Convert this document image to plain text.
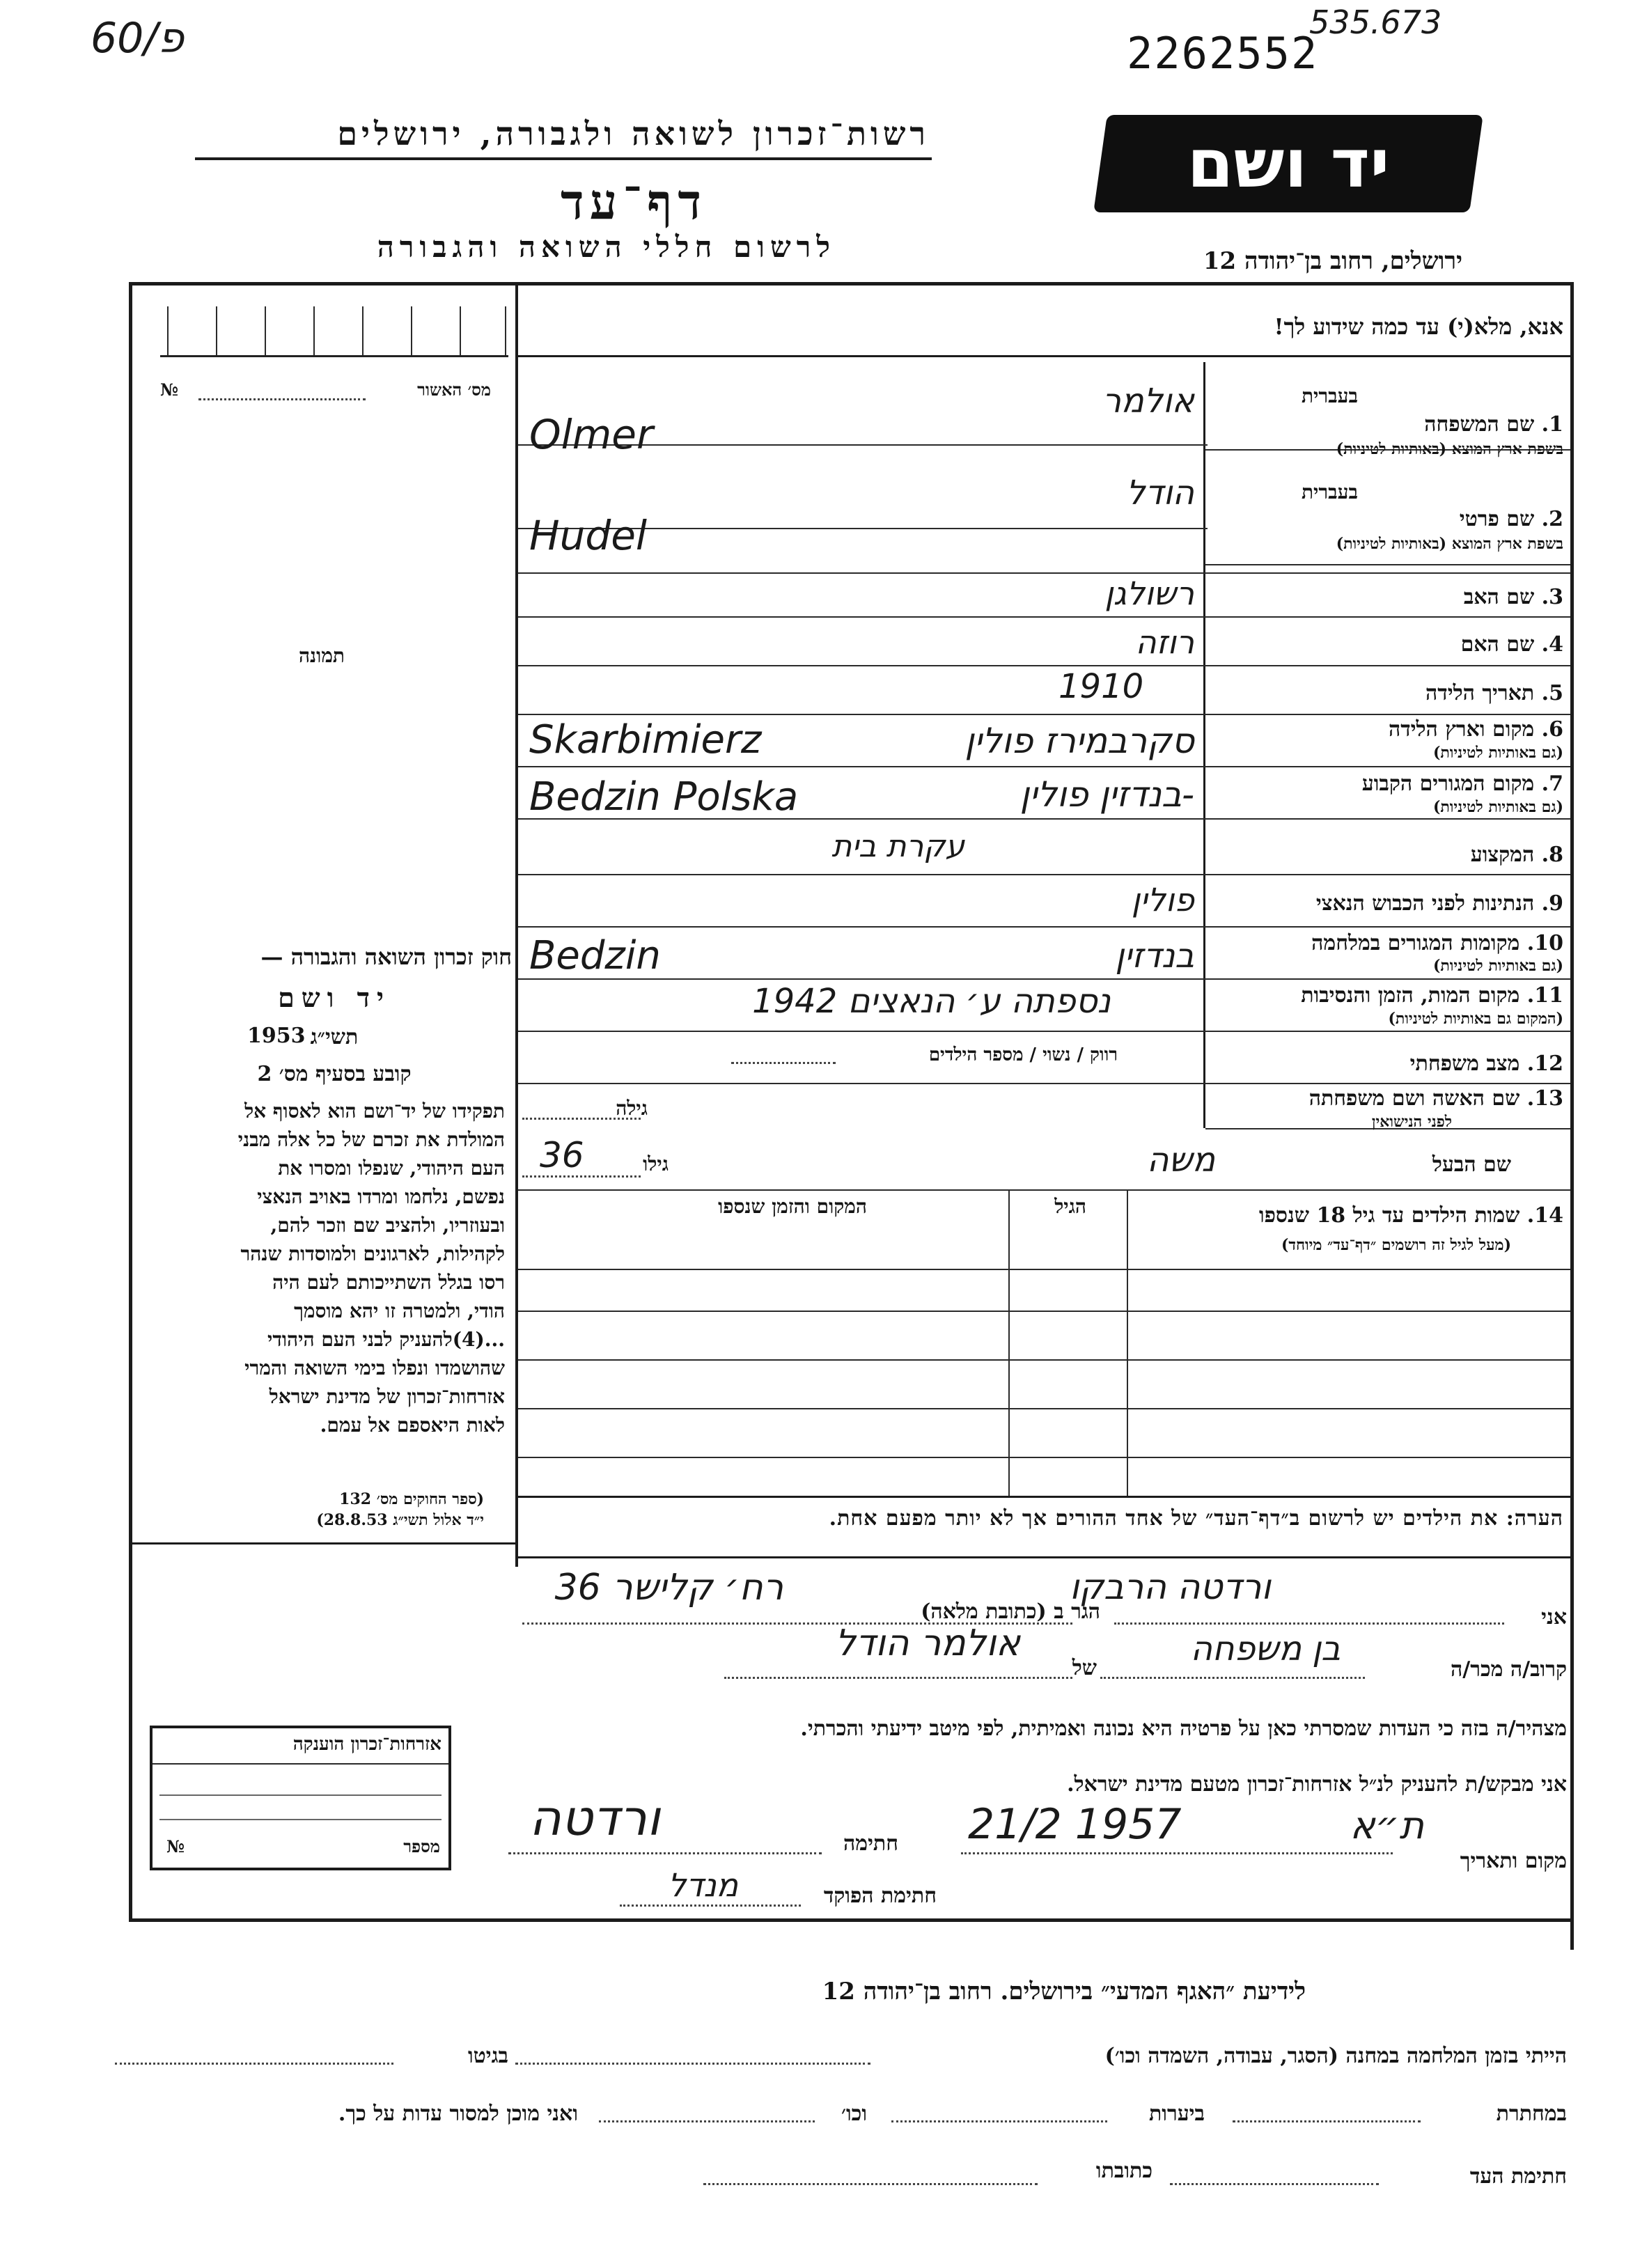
60/פ	2262552
535.673
רשות־זכרון לשואה ולגבורה, ירושלים
דף־עד
לרשום חללי השואה והגבורה
יד ושם
ירושלים, רחוב בן־יהודה 12
אנא, מלא(י) עד כמה שידוע לך!
מס׳ האשור
№
תמונה
חוק זכרון השואה והגבורה —
יד ושם
תשי״ג
1953
קובע בסעיף מס׳ 2
תפקידו של יד־ושם הוא לאסוף אל
המולדת את זכרם של כל אלה מבני
העם היהודי, שנפלו ומסרו את
נפשם, נלחמו ומרדו באויב הנאצי
ובעוזריו, ולהציב שם וזכר להם,
לקהילות, לארגונים ולמוסדות שנהר
רסו בגלל השתייכותם לעם היה
הודי, ולמטרה זו יהא מוסמך
...(4)להעניק לבני העם היהודי
שהושמדו ונפלו בימי השואה והמרי
אזרחות־זכרון של מדינת ישראל
לאות היאספם אל עמם.
(ספר החוקים מס׳ 132
י״ד אלול תשי״ג 28.8.53)
בעברית
1. שם המשפחה
בשפת ארץ המוצא (באותיות לטיניות)
אולמר
Olmer
בעברית
2. שם פרטי
בשפת ארץ המוצא (באותיות לטיניות)
הודל
Hudel
3. שם האב
רשולגן
4. שם האם
רוזה
5. תאריך הלידה
1910
6. מקום וארץ הלידה
(גם באותיות לטיניות)
Skarbimierz	סקרבמירז פולין
7. מקום המגורים הקבוע
(גם באותיות לטיניות)
Bedzin Polska	-בנדזין פולין
8. המקצוע
עקרת בית
9. הנתינות לפני הכבוש הנאצי
פולין
10. מקומות המגורים במלחמה
(גם באותיות לטיניות)
Bedzin	בנדזין
11. מקום המות, הזמן והנסיבות
(המקום גם באותיות לטיניות)
נספתה ע׳ הנאצים 1942
12. מצב משפחתי
רווק / נשוי / מספר הילדים
13. שם האשה ושם משפחתה
לפני הנישואין
גילה
שם הבעל
משה
גילו
36
14. שמות הילדים עד גיל 18 שנספו
(מעל לגיל זה רושמים ״דף־עד״ מיוחד)
הגיל
המקום והזמן שנספו
הערה: את הילדים יש לרשום ב״דף־העד״ של אחד ההורים אך לא יותר מפעם אחת.
אני
ורדטה הרבקו
הגר ב (כתובת מלאה)
רח׳ קלישר 36
קרוב/ה מכר/ה
בן משפחה
של
אולמר הודל
מצהיר/ה בזה כי העדות שמסרתי כאן על פרטיה היא נכונה ואמיתית, לפי מיטב ידיעתי והכרתי.
אני מבקש/ת להעניק לנ״ל אזרחות־זכרון מטעם מדינת ישראל.
מקום ותאריך
ת״א
21/2 1957
חתימה
ורדטה
חתימת הפוקד
מנדל
אזרחות־זכרון הוענקה
מספר
№
לידיעת ״האגף המדעי״ בירושלים. רחוב בן־יהודה 12
הייתי בזמן המלחמה במחנה (הסגר, עבודה, השמדה וכו׳)
בגיטו
במחתרת
ביערות
וכו׳
ואני מוכן למסור עדות על כך.
חתימת העד
כתובתו
